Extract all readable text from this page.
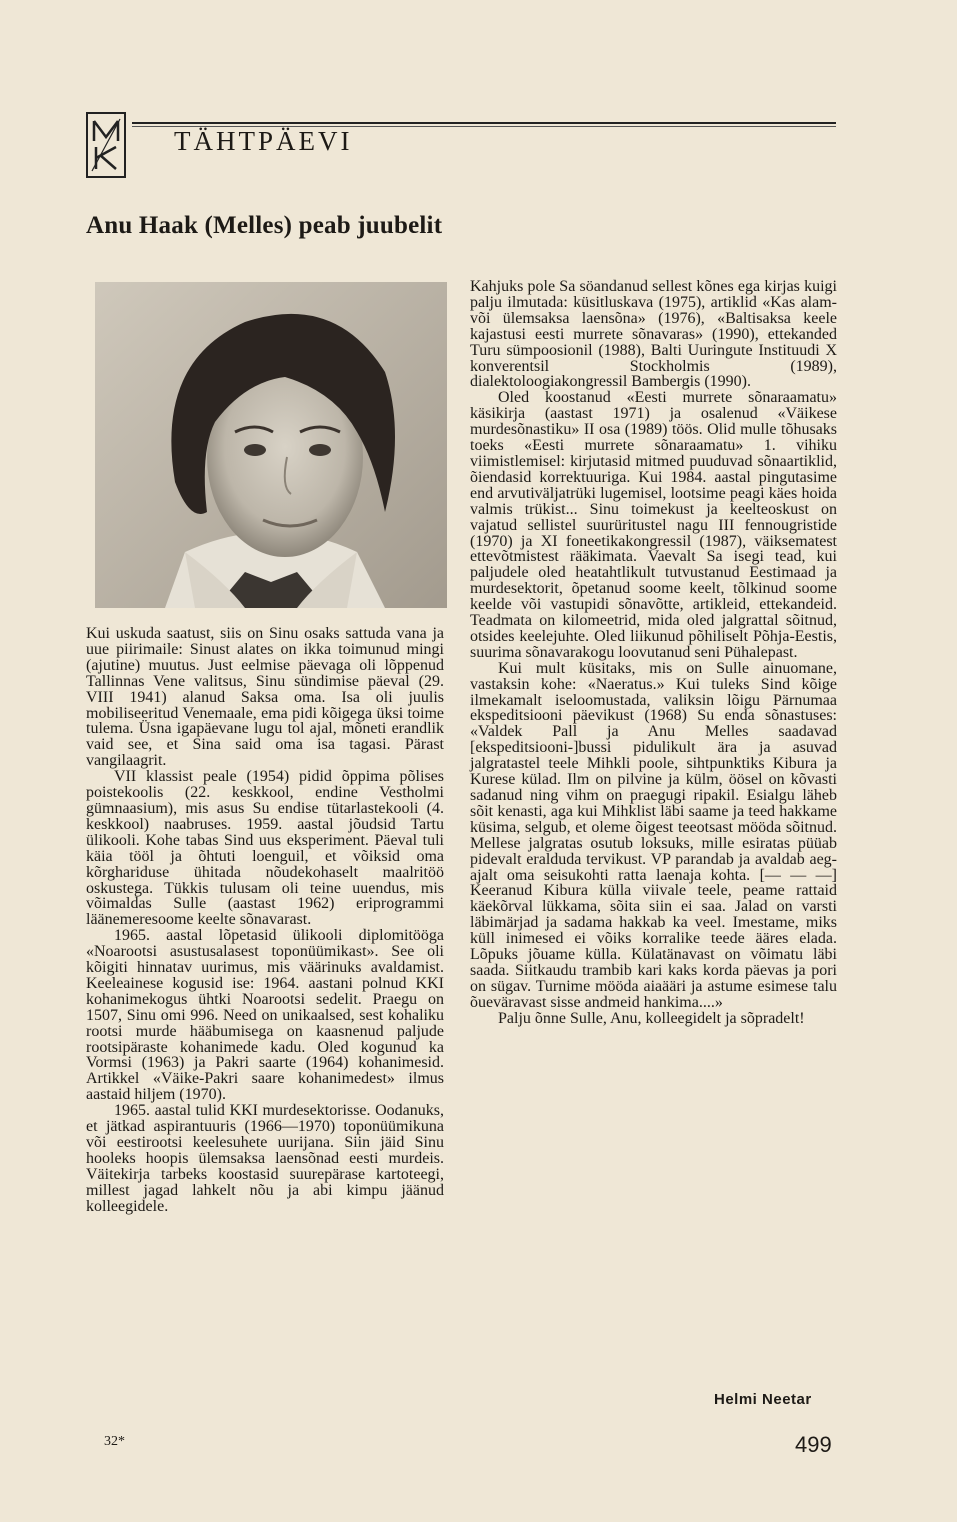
TÄHTPÄEVI
Anu Haak (Melles) peab juubelit

Kui uskuda saatust, siis on Sinu osaks sattuda vana ja uue piirimaile: Sinust alates on ikka toimunud mingi (ajutine) muutus. Just eelmise päevaga oli lõppenud Tallinnas Vene valitsus, Sinu sündimise päeval (29. VIII 1941) alanud Saksa oma. Isa oli juulis mobiliseeritud Venemaale, ema pidi kõigega üksi toime tulema. Üsna igapäevane lugu tol ajal, mõneti erandlik vaid see, et Sina said oma isa tagasi. Pärast vangilaagrit.

VII klassist peale (1954) pidid õppima põlises poistekoolis (22. keskkool, endine Vestholmi gümnaasium), mis asus Su endise tütarlastekooli (4. keskkool) naabruses. 1959. aastal jõudsid Tartu ülikooli. Kohe tabas Sind uus eksperiment. Päeval tuli käia tööl ja õhtuti loenguil, et võiksid oma kõrghariduse ühitada nõudekohaselt maalritöö oskustega. Tükkis tulusam oli teine uuendus, mis võimaldas Sulle (aastast 1962) eriprogrammi läänemeresoome keelte sõnavarast.

1965. aastal lõpetasid ülikooli diplomitööga «Noarootsi asustusalasest toponüümikast». See oli kõigiti hinnatav uurimus, mis väärinuks avaldamist. Keeleainese kogusid ise: 1964. aastani polnud KKI kohanimekogus ühtki Noarootsi sedelit. Praegu on 1507, Sinu omi 996. Need on unikaalsed, sest kohaliku rootsi murde hääbumisega on kaasnenud paljude rootsipäraste kohanimede kadu. Oled kogunud ka Vormsi (1963) ja Pakri saarte (1964) kohanimesid. Artikkel «Väike-Pakri saare kohanimedest» ilmus aastaid hiljem (1970).

1965. aastal tulid KKI murdesektorisse. Oodanuks, et jätkad aspirantuuris (1966—1970) toponüümikuna või eestirootsi keelesuhete uurijana. Siin jäid Sinu hooleks hoopis ülemsaksa laensõnad eesti murdeis. Väitekirja tarbeks koostasid suurepärase kartoteegi, millest jagad lahkelt nõu ja abi kimpu jäänud kolleegidele.

Kahjuks pole Sa söandanud sellest kõnes ega kirjas kuigi palju ilmutada: küsitluskava (1975), artiklid «Kas alam- või ülemsaksa laensõna» (1976), «Baltisaksa keele kajastusi eesti murrete sõnavaras» (1990), ettekanded Turu sümpoosionil (1988), Balti Uuringute Instituudi X konverentsil Stockholmis (1989), dialektoloogiakongressil Bambergis (1990).

Oled koostanud «Eesti murrete sõnaraamatu» käsikirja (aastast 1971) ja osalenud «Väikese murdesõnastiku» II osa (1989) töös. Olid mulle tõhusaks toeks «Eesti murrete sõnaraamatu» 1. vihiku viimistlemisel: kirjutasid mitmed puuduvad sõnaartiklid, õiendasid korrektuuriga. Kui 1984. aastal pingutasime end arvutiväljatrüki lugemisel, lootsime peagi käes hoida valmis trükist... Sinu toimekust ja keelteoskust on vajatud sellistel suurüritustel nagu III fennougristide (1970) ja XI foneetikakongressil (1987), väiksematest ettevõtmistest rääkimata. Vaevalt Sa isegi tead, kui paljudele oled heatahtlikult tutvustanud Eestimaad ja murdesektorit, õpetanud soome keelt, tõlkinud soome keelde või vastupidi sõnavõtte, artikleid, ettekandeid. Teadmata on kilomeetrid, mida oled jalgrattal sõitnud, otsides keelejuhte. Oled liikunud põhiliselt Põhja-Eestis, suurima sõnavarakogu loovutanud seni Pühalepast.

Kui mult küsitaks, mis on Sulle ainuomane, vastaksin kohe: «Naeratus.» Kui tuleks Sind kõige ilmekamalt iseloomustada, valiksin lõigu Pärnumaa ekspeditsiooni päevikust (1968) Su enda sõnastuses: «Valdek Pall ja Anu Melles saadavad [ekspeditsiooni-]bussi pidulikult ära ja asuvad jalgratastel teele Mihkli poole, sihtpunktiks Kibura ja Kurese külad. Ilm on pilvine ja külm, öösel on kõvasti sadanud ning vihm on praegugi ripakil. Esialgu läheb sõit kenasti, aga kui Mihklist läbi saame ja teed hakkame küsima, selgub, et oleme õigest teeotsast mööda sõitnud. Mellese jalgratas osutub loksuks, mille esiratas püüab pidevalt eralduda tervikust. VP parandab ja avaldab aeg-ajalt oma seisukohti ratta laenaja kohta. [— — —] Keeranud Kibura külla viivale teele, peame rattaid käekõrval lükkama, sõita siin ei saa. Jalad on varsti läbimärjad ja sadama hakkab ka veel. Imestame, miks küll inimesed ei võiks korralike teede ääres elada. Lõpuks jõuame külla. Külatänavast on võimatu läbi saada. Siitkaudu trambib kari kaks korda päevas ja pori on sügav. Turnime mööda aiaääri ja astume esimese talu õueväravast sisse andmeid hankima....»

Palju õnne Sulle, Anu, kolleegidelt ja sõpradelt!

Helmi Neetar
32*	499
